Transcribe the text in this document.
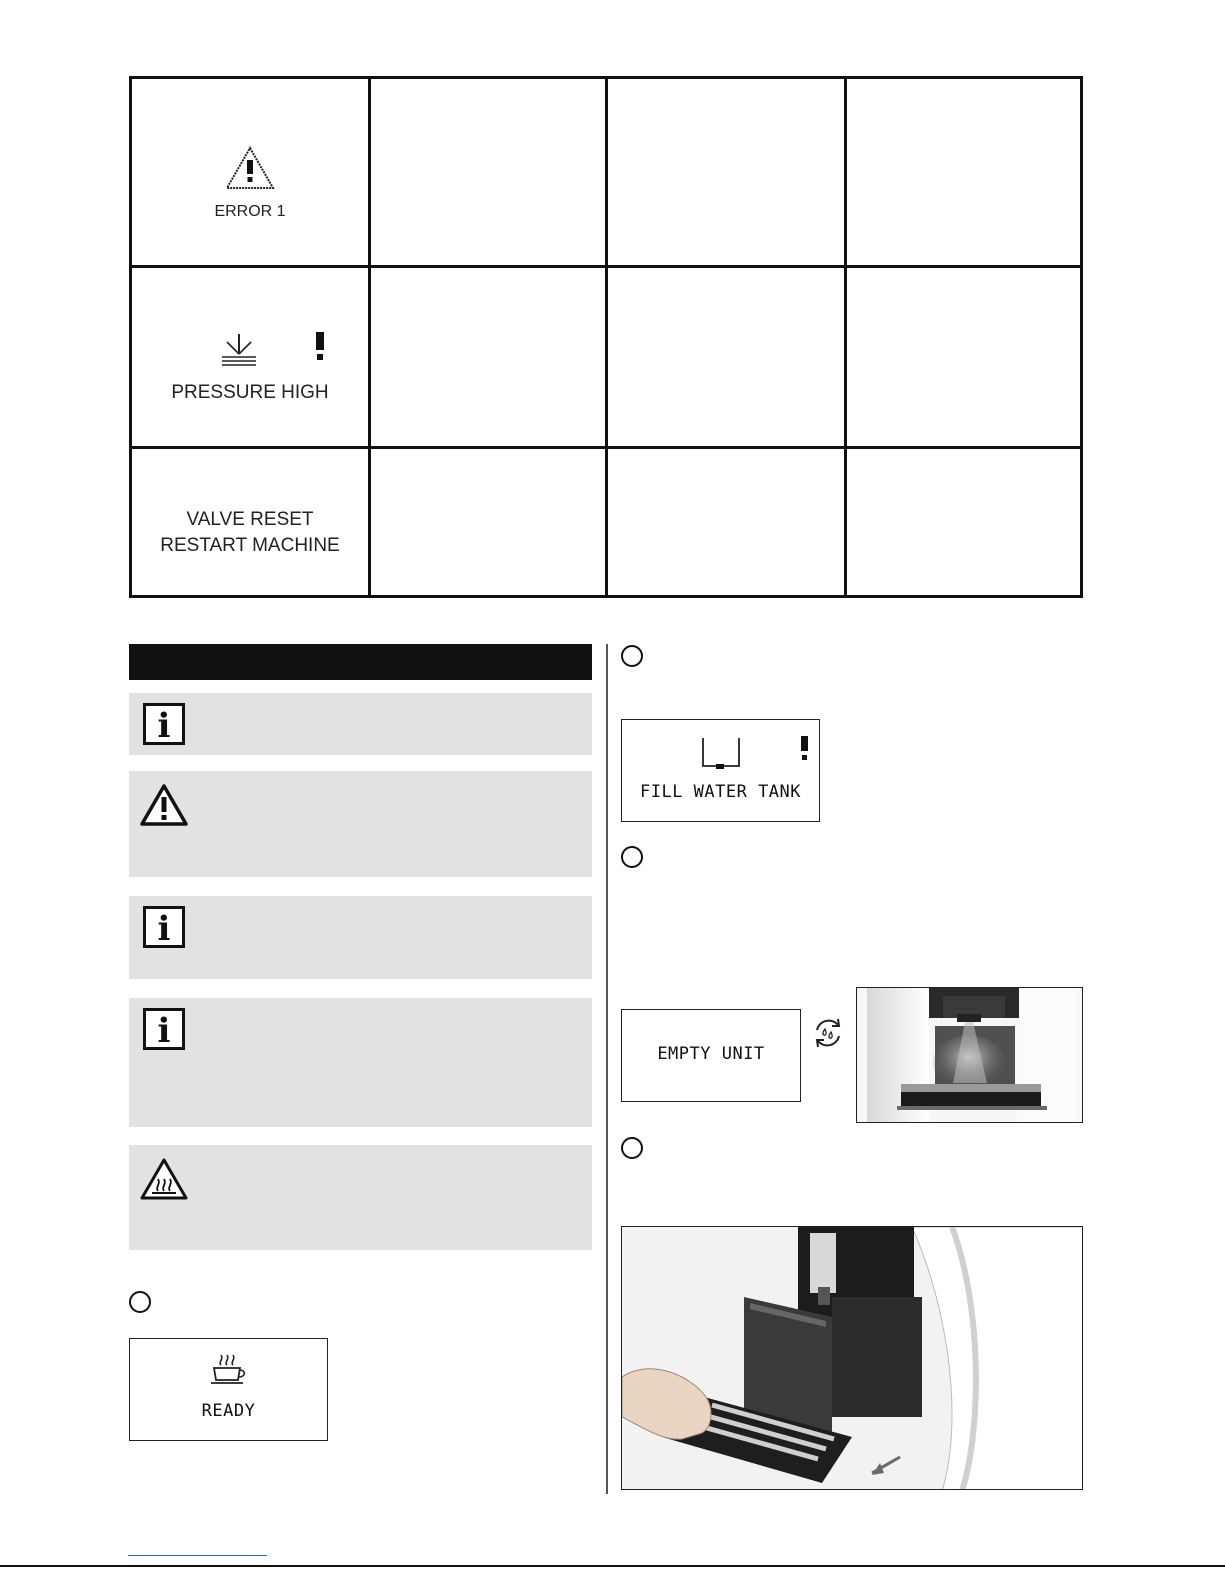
ERROR 1
PRESSURE HIGH
VALVE RESET
RESTART MACHINE
i
i
i
READY
FILL WATER TANK
EMPTY UNIT
